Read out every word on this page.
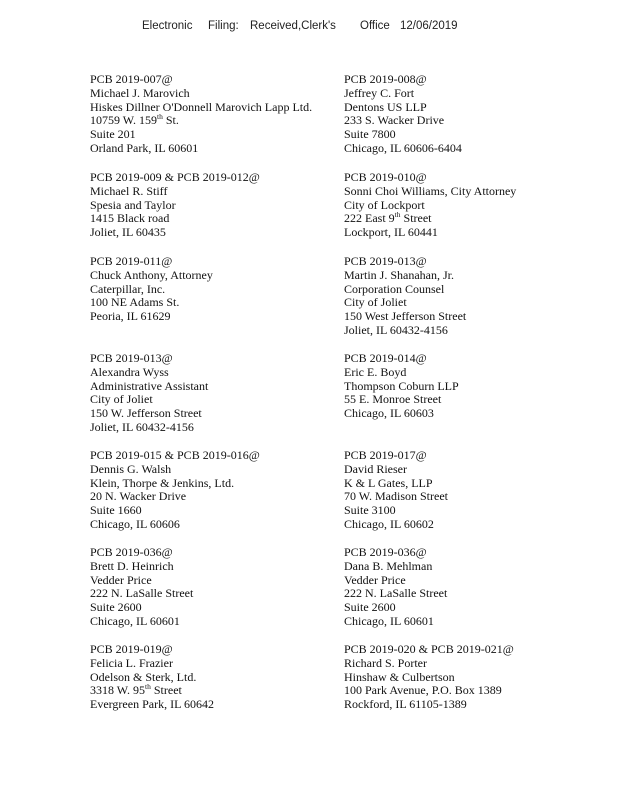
Electronic Filing: Received,Clerk's Office 12/06/2019
PCB 2019-007@
Michael J. Marovich
Hiskes Dillner O'Donnell Marovich Lapp Ltd.
10759 W. 159th St.
Suite 201
Orland Park, IL 60601
PCB 2019-008@
Jeffrey C. Fort
Dentons US LLP
233 S. Wacker Drive
Suite 7800
Chicago, IL 60606-6404
PCB 2019-009 & PCB 2019-012@
Michael R. Stiff
Spesia and Taylor
1415 Black road
Joliet, IL 60435
PCB 2019-010@
Sonni Choi Williams, City Attorney
City of Lockport
222 East 9th Street
Lockport, IL 60441
PCB 2019-011@
Chuck Anthony, Attorney
Caterpillar, Inc.
100 NE Adams St.
Peoria, IL 61629
PCB 2019-013@
Martin J. Shanahan, Jr.
Corporation Counsel
City of Joliet
150 West Jefferson Street
Joliet, IL 60432-4156
PCB 2019-013@
Alexandra Wyss
Administrative Assistant
City of Joliet
150 W. Jefferson Street
Joliet, IL 60432-4156
PCB 2019-014@
Eric E. Boyd
Thompson Coburn LLP
55 E. Monroe Street
Chicago, IL 60603
PCB 2019-015 & PCB 2019-016@
Dennis G. Walsh
Klein, Thorpe & Jenkins, Ltd.
20 N. Wacker Drive
Suite 1660
Chicago, IL 60606
PCB 2019-017@
David Rieser
K & L Gates, LLP
70 W. Madison Street
Suite 3100
Chicago, IL 60602
PCB 2019-036@
Brett D. Heinrich
Vedder Price
222 N. LaSalle Street
Suite 2600
Chicago, IL 60601
PCB 2019-036@
Dana B. Mehlman
Vedder Price
222 N. LaSalle Street
Suite 2600
Chicago, IL 60601
PCB 2019-019@
Felicia L. Frazier
Odelson & Sterk, Ltd.
3318 W. 95th Street
Evergreen Park, IL 60642
PCB 2019-020 & PCB 2019-021@
Richard S. Porter
Hinshaw & Culbertson
100 Park Avenue, P.O. Box 1389
Rockford, IL 61105-1389
